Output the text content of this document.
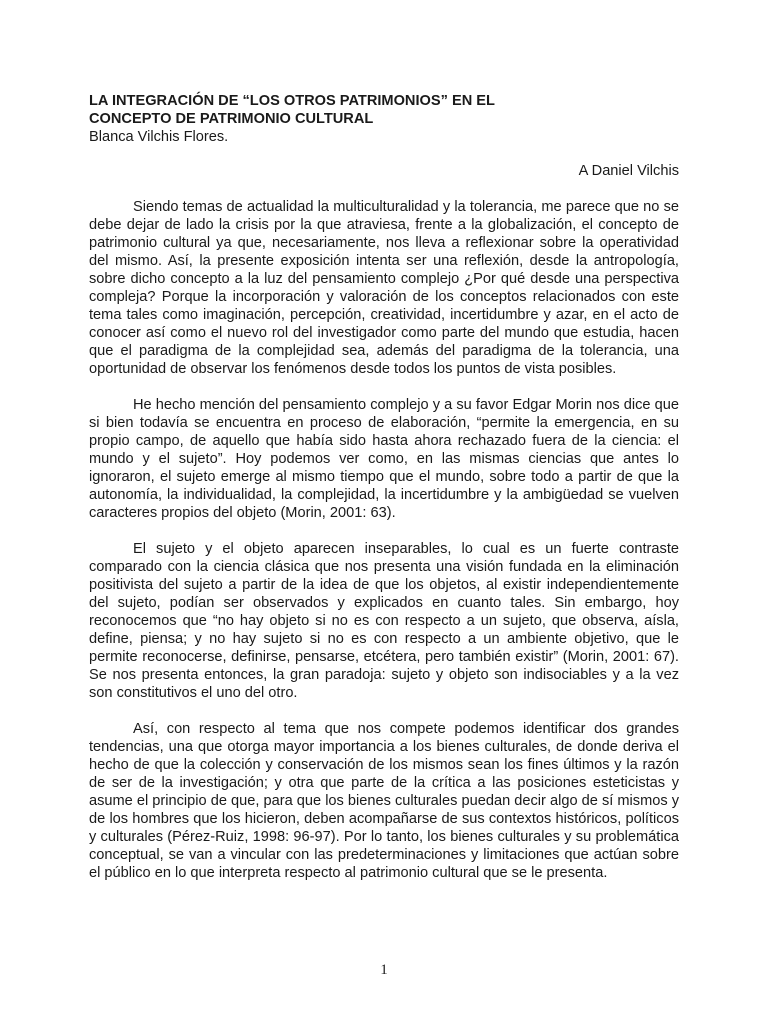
LA INTEGRACIÓN DE “LOS OTROS PATRIMONIOS” EN EL

CONCEPTO DE PATRIMONIO CULTURAL

Blanca Vilchis Flores.

A Daniel Vilchis

Siendo temas de actualidad la multiculturalidad y la tolerancia, me parece que no se debe dejar de lado la crisis por la que atraviesa, frente a la globalización, el concepto de patrimonio cultural ya que, necesariamente, nos lleva a reflexionar sobre la operatividad del mismo. Así, la presente exposición intenta ser una reflexión, desde la antropología, sobre dicho concepto a la luz del pensamiento complejo ¿Por qué desde una perspectiva compleja? Porque la incorporación y valoración de los conceptos relacionados con este tema tales como imaginación, percepción, creatividad, incertidumbre y azar, en el acto de conocer así como el nuevo rol del investigador como parte del mundo que estudia, hacen que el paradigma de la complejidad sea, además del paradigma de la tolerancia, una oportunidad de observar los fenómenos desde todos los puntos de vista posibles.

He hecho mención del pensamiento complejo y a su favor Edgar Morin nos dice que si bien todavía se encuentra en proceso de elaboración, “permite la emergencia, en su propio campo, de aquello que había sido hasta ahora rechazado fuera de la ciencia: el mundo y el sujeto”. Hoy podemos ver como, en las mismas ciencias que antes lo ignoraron, el sujeto emerge al mismo tiempo que el mundo, sobre todo a partir de que la autonomía, la individualidad, la complejidad, la incertidumbre y la ambigüedad se vuelven caracteres propios del objeto (Morin, 2001: 63).

El sujeto y el objeto aparecen inseparables, lo cual es un fuerte contraste comparado con la ciencia clásica que nos presenta una visión fundada en la eliminación positivista del sujeto a partir de la idea de que los objetos, al existir independientemente del sujeto, podían ser observados y explicados en cuanto tales. Sin embargo, hoy reconocemos que “no hay objeto si no es con respecto a un sujeto, que observa, aísla, define, piensa; y no hay sujeto si no es con respecto a un ambiente objetivo, que le permite reconocerse, definirse, pensarse, etcétera, pero también existir” (Morin, 2001: 67). Se nos presenta entonces, la gran paradoja: sujeto y objeto son indisociables y a la vez son constitutivos el uno del otro.

Así, con respecto al tema que nos compete podemos identificar dos grandes tendencias, una que otorga mayor importancia a los bienes culturales, de donde deriva el hecho de que la colección y conservación de los mismos sean los fines últimos y la razón de ser de la investigación; y otra que parte de la crítica a las posiciones esteticistas y asume el principio de que, para que los bienes culturales puedan decir algo de sí mismos y de los hombres que los hicieron, deben acompañarse de sus contextos históricos, políticos y culturales (Pérez-Ruiz, 1998: 96-97). Por lo tanto, los bienes culturales y su problemática conceptual, se van a vincular con las predeterminaciones y limitaciones que actúan sobre el público en lo que interpreta respecto al patrimonio cultural que se le presenta.

1
